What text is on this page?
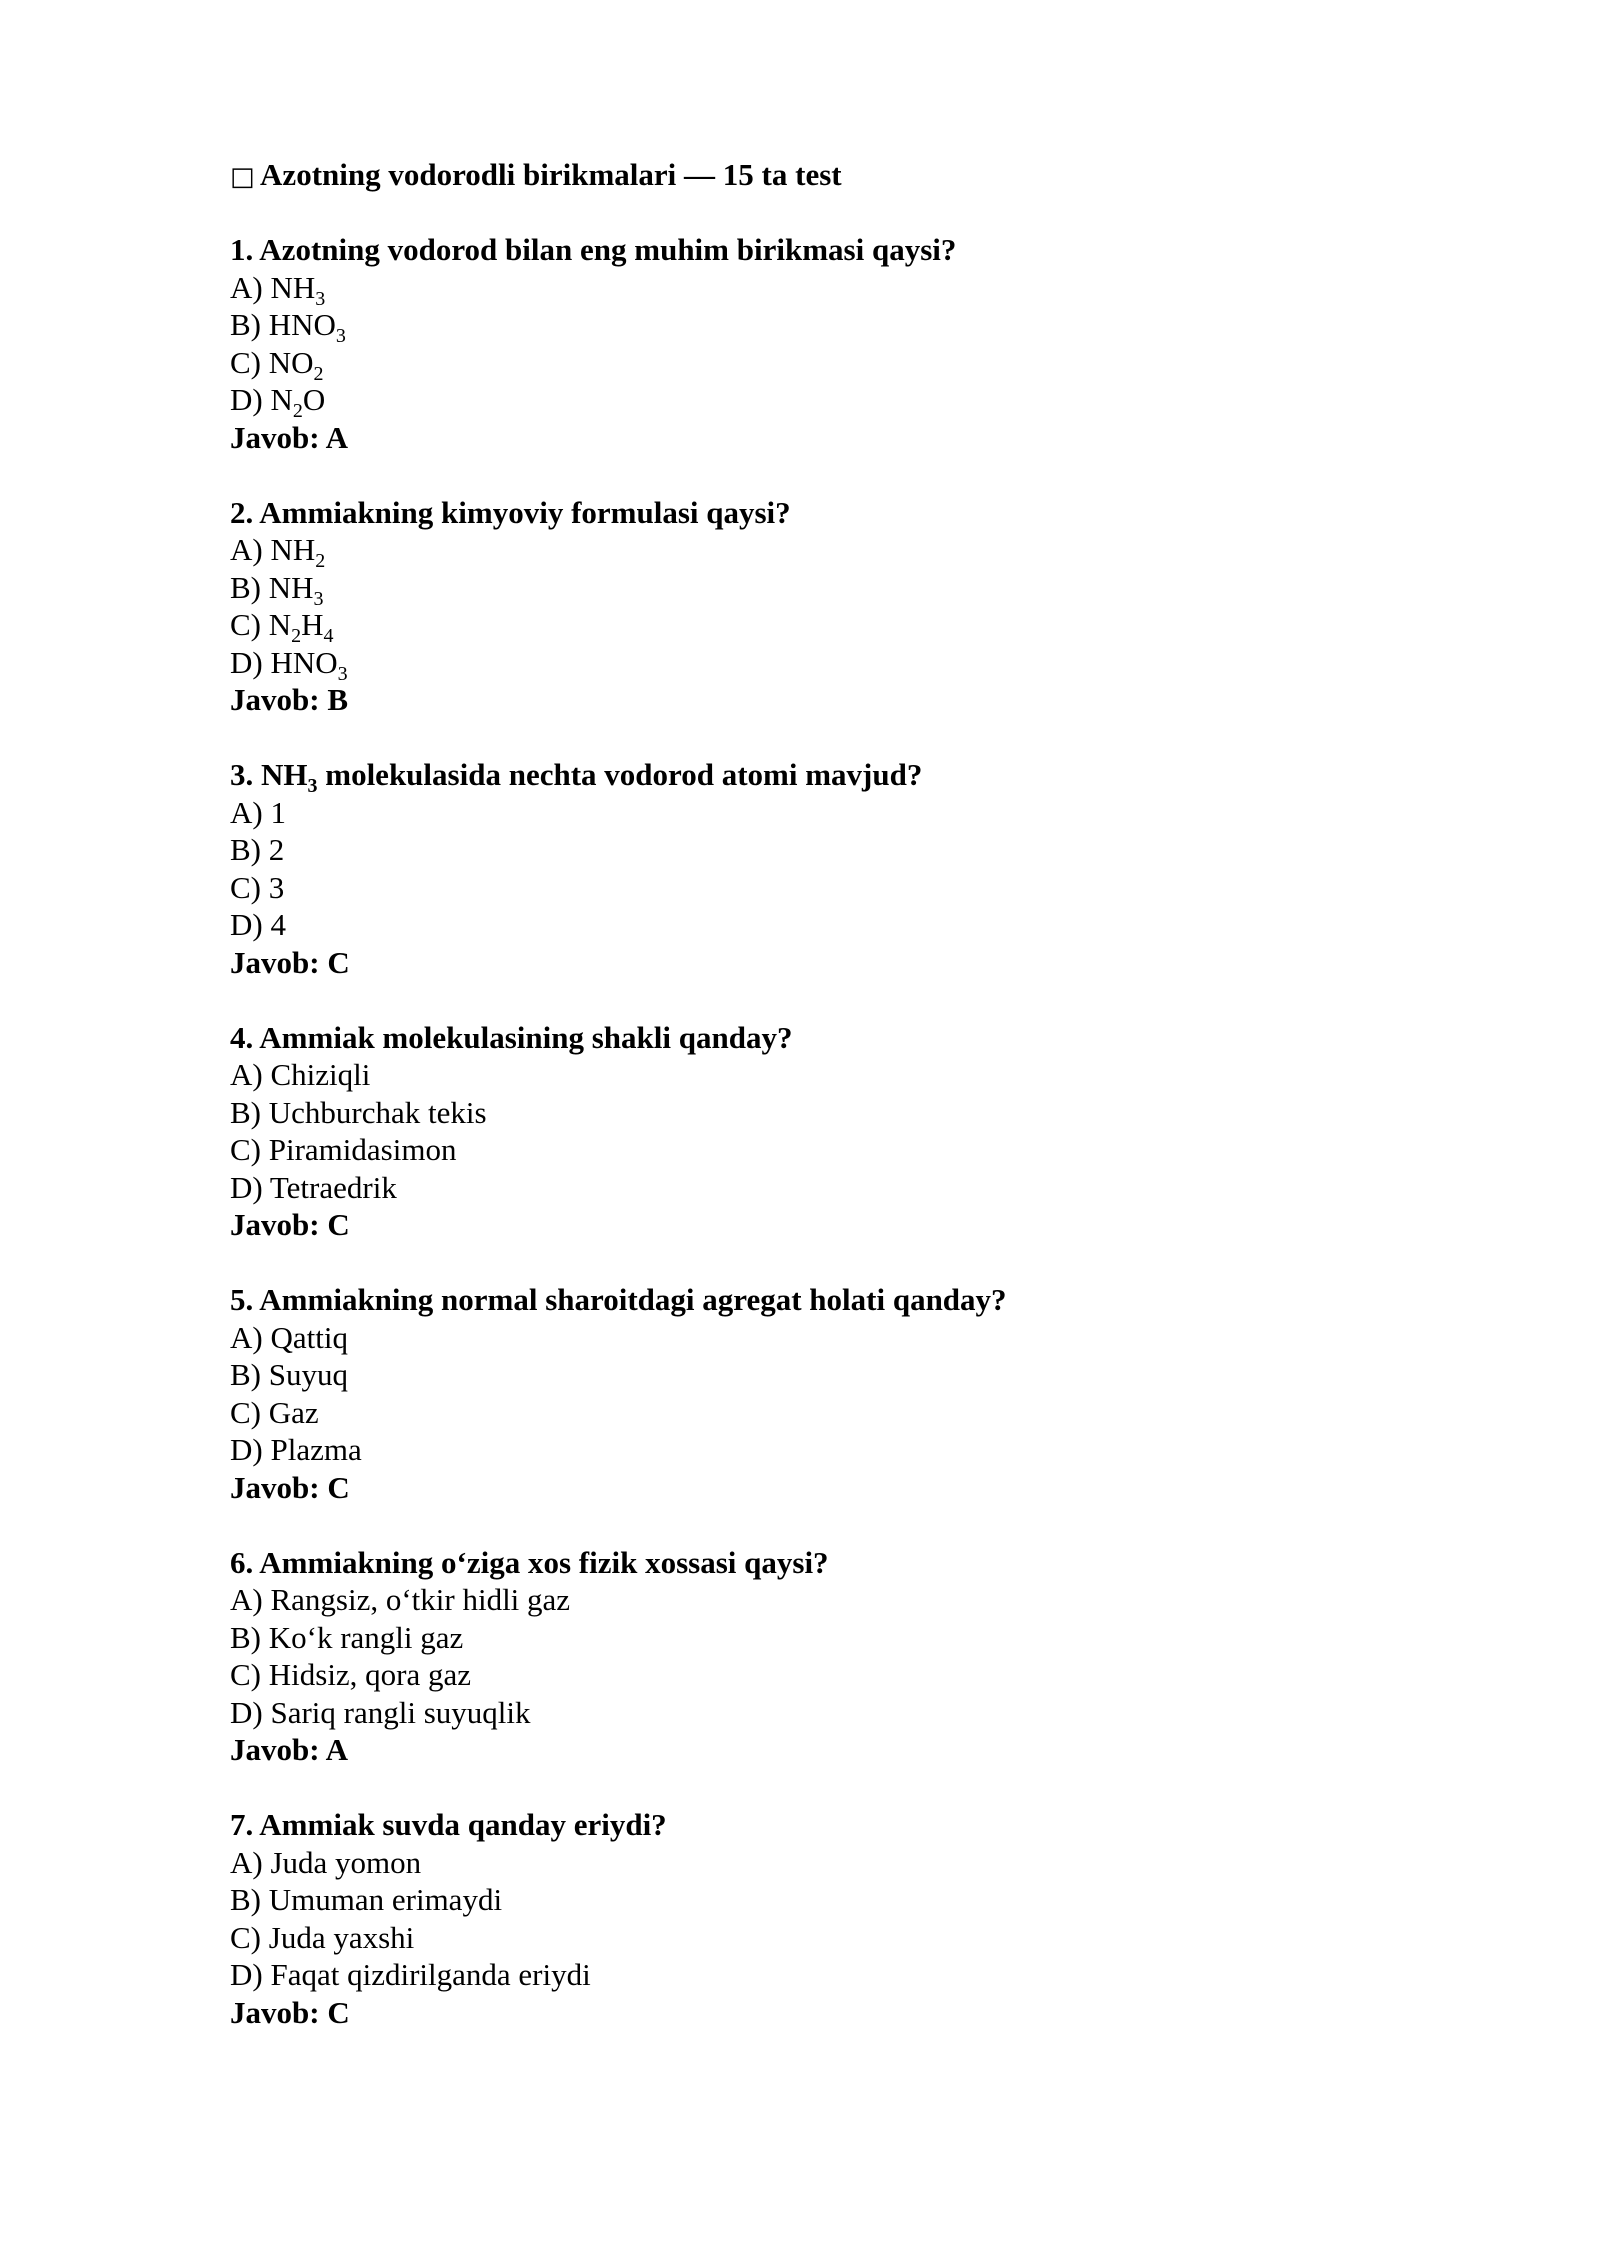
□ Azotning vodorodli birikmalari — 15 ta test
1. Azotning vodorod bilan eng muhim birikmasi qaysi?
A) $NH_3$
B) $HNO_3$
C) $NO_2$
D) $N_2O$
Javob: A
2. Ammiakning kimyoviy formulasi qaysi?
A) $NH_2$
B) $NH_3$
C) $N_2H_4$
D) $HNO_3$
Javob: B
3. $NH_3$ molekulasida nechta vodorod atomi mavjud?
A) 1
B) 2
C) 3
D) 4
Javob: C
4. Ammiak molekulasining shakli qanday?
A) Chiziqli
B) Uchburchak tekis
C) Piramidasimon
D) Tetraedrik
Javob: C
5. Ammiakning normal sharoitdagi agregat holati qanday?
A) Qattiq
B) Suyuq
C) Gaz
D) Plazma
Javob: C
6. Ammiakning o‘ziga xos fizik xossasi qaysi?
A) Rangsiz, o‘tkir hidli gaz
B) Ko‘k rangli gaz
C) Hidsiz, qora gaz
D) Sariq rangli suyuqlik
Javob: A
7. Ammiak suvda qanday eriydi?
A) Juda yomon
B) Umuman erimaydi
C) Juda yaxshi
D) Faqat qizdirilganda eriydi
Javob: C
